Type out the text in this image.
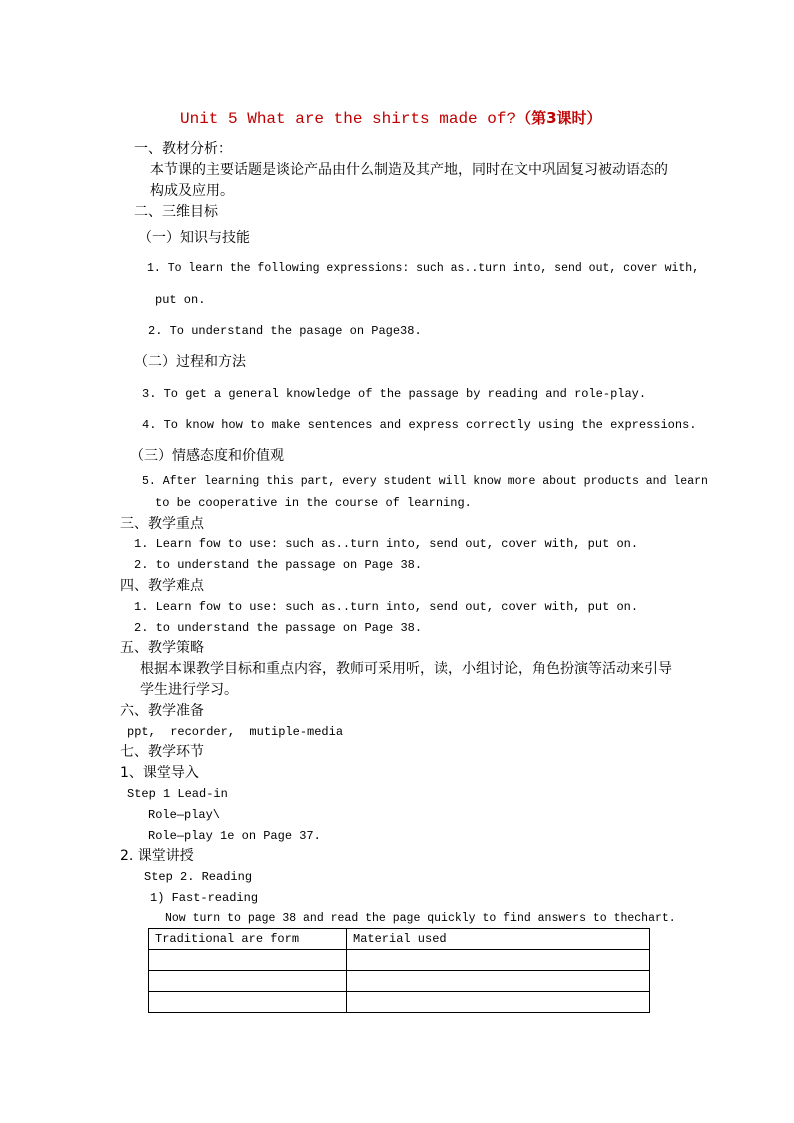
Unit 5 What are the shirts made of?（第3课时）
一、教材分析：
本节课的主要话题是谈论产品由什么制造及其产地，同时在文中巩固复习被动语态的
构成及应用。
二、三维目标
（一）知识与技能
1. To learn the following expressions: such as..turn into, send out, cover with,
put on.
2. To understand the pasage on Page38.
（二）过程和方法
3. To get a general knowledge of the passage by reading and role-play.
4. To know how to make sentences and express correctly using the expressions.
（三）情感态度和价值观
5. After learning this part, every student will know more about products and learn
to be cooperative in the course of learning.
三、教学重点
1. Learn fow to use: such as..turn into, send out, cover with, put on.
2. to understand the passage on Page 38.
四、教学难点
1. Learn fow to use: such as..turn into, send out, cover with, put on.
2. to understand the passage on Page 38.
五、教学策略
根据本课教学目标和重点内容，教师可采用听，读，小组讨论，角色扮演等活动来引导
学生进行学习。
六、教学准备
ppt,  recorder,  mutiple-media
七、教学环节
1、课堂导入
Step 1 Lead-in
Role—play\
Role—play 1e on Page 37.
2. 课堂讲授
Step 2. Reading
1) Fast-reading
Now turn to page 38 and read the page quickly to find answers to thechart.
Traditional are form	Material used
